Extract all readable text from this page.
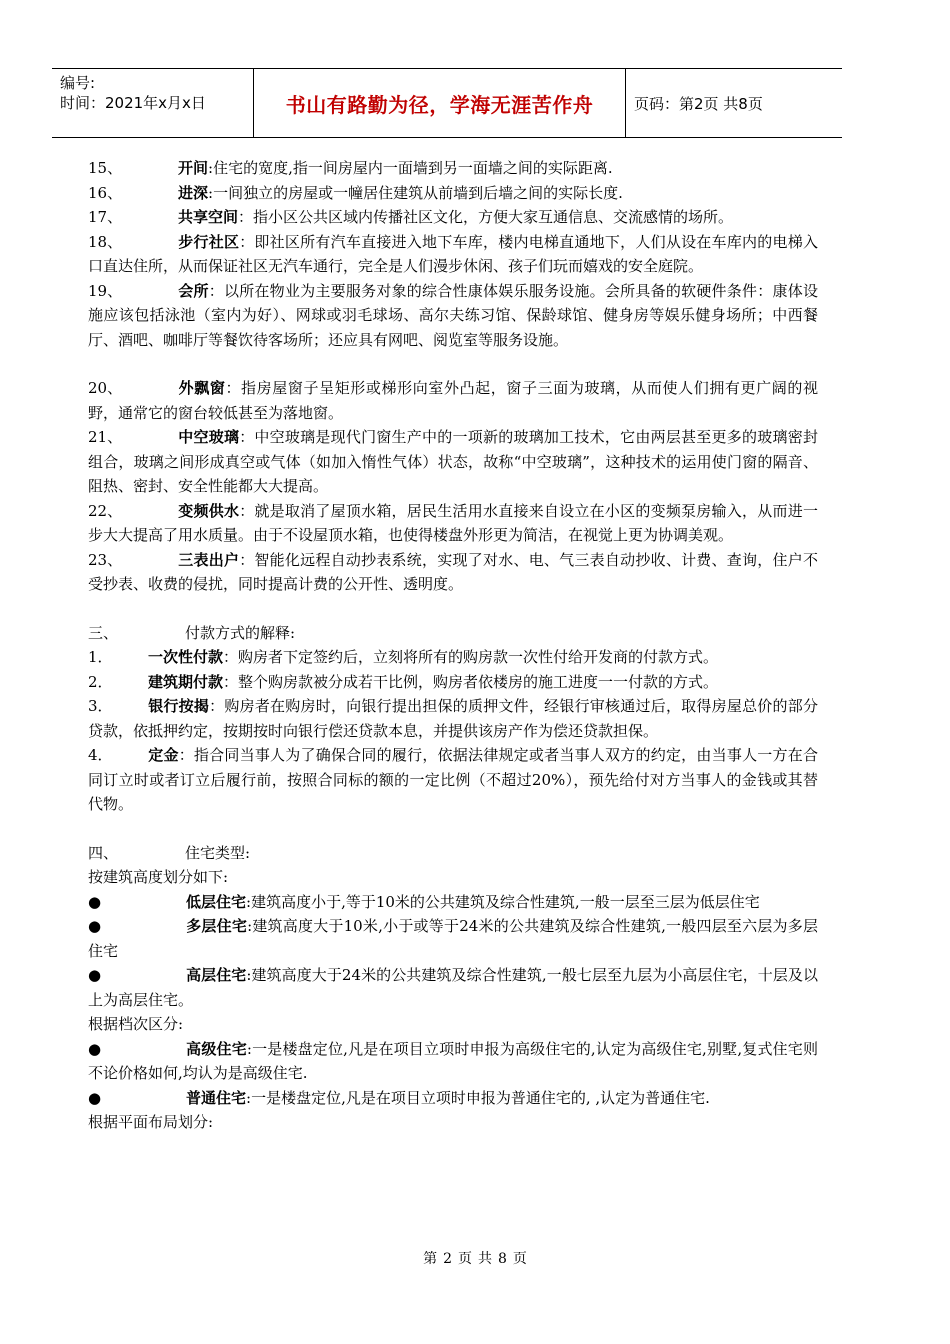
编号:
时间：2021年x月x日	书山有路勤为径，学海无涯苦作舟	页码：第2页 共8页

15、	开间:住宅的宽度,指一间房屋内一面墙到另一面墙之间的实际距离.

16、	进深:一间独立的房屋或一幢居住建筑从前墙到后墙之间的实际长度.

17、	共享空间：指小区公共区域内传播社区文化，方便大家互通信息、交流感情的场所。

18、	步行社区：即社区所有汽车直接进入地下车库，楼内电梯直通地下，人们从设在车库内的电梯入口直达住所，从而保证社区无汽车通行，完全是人们漫步休闲、孩子们玩而嬉戏的安全庭院。

19、	会所：以所在物业为主要服务对象的综合性康体娱乐服务设施。会所具备的软硬件条件：康体设施应该包括泳池（室内为好）、网球或羽毛球场、高尔夫练习馆、保龄球馆、健身房等娱乐健身场所；中西餐厅、酒吧、咖啡厅等餐饮待客场所；还应具有网吧、阅览室等服务设施。

20、	外飘窗：指房屋窗子呈矩形或梯形向室外凸起，窗子三面为玻璃，从而使人们拥有更广阔的视野，通常它的窗台较低甚至为落地窗。

21、	中空玻璃：中空玻璃是现代门窗生产中的一项新的玻璃加工技术，它由两层甚至更多的玻璃密封组合，玻璃之间形成真空或气体（如加入惰性气体）状态，故称“中空玻璃”，这种技术的运用使门窗的隔音、阻热、密封、安全性能都大大提高。

22、	变频供水：就是取消了屋顶水箱，居民生活用水直接来自设立在小区的变频泵房输入，从而进一步大大提高了用水质量。由于不设屋顶水箱，也使得楼盘外形更为简洁，在视觉上更为协调美观。

23、	三表出户：智能化远程自动抄表系统，实现了对水、电、气三表自动抄收、计费、查询，住户不受抄表、收费的侵扰，同时提高计费的公开性、透明度。

三、	付款方式的解释:

1． 一次性付款：购房者下定签约后，立刻将所有的购房款一次性付给开发商的付款方式。

2． 建筑期付款：整个购房款被分成若干比例，购房者依楼房的施工进度一一付款的方式。

3． 银行按揭：购房者在购房时，向银行提出担保的质押文件，经银行审核通过后，取得房屋总价的部分贷款，依抵押约定，按期按时向银行偿还贷款本息，并提供该房产作为偿还贷款担保。

4． 定金：指合同当事人为了确保合同的履行，依据法律规定或者当事人双方的约定，由当事人一方在合同订立时或者订立后履行前，按照合同标的额的一定比例（不超过20%），预先给付对方当事人的金钱或其替代物。

四、	住宅类型:

按建筑高度划分如下:

●	低层住宅:建筑高度小于,等于10米的公共建筑及综合性建筑,一般一层至三层为低层住宅

●	多层住宅:建筑高度大于10米,小于或等于24米的公共建筑及综合性建筑,一般四层至六层为多层住宅

●	高层住宅:建筑高度大于24米的公共建筑及综合性建筑,一般七层至九层为小高层住宅，十层及以上为高层住宅。

根据档次区分:

●	高级住宅:一是楼盘定位,凡是在项目立项时申报为高级住宅的,认定为高级住宅,别墅,复式住宅则不论价格如何,均认为是高级住宅.

●	普通住宅:一是楼盘定位,凡是在项目立项时申报为普通住宅的, ,认定为普通住宅.

根据平面布局划分:

第 2 页 共 8 页
